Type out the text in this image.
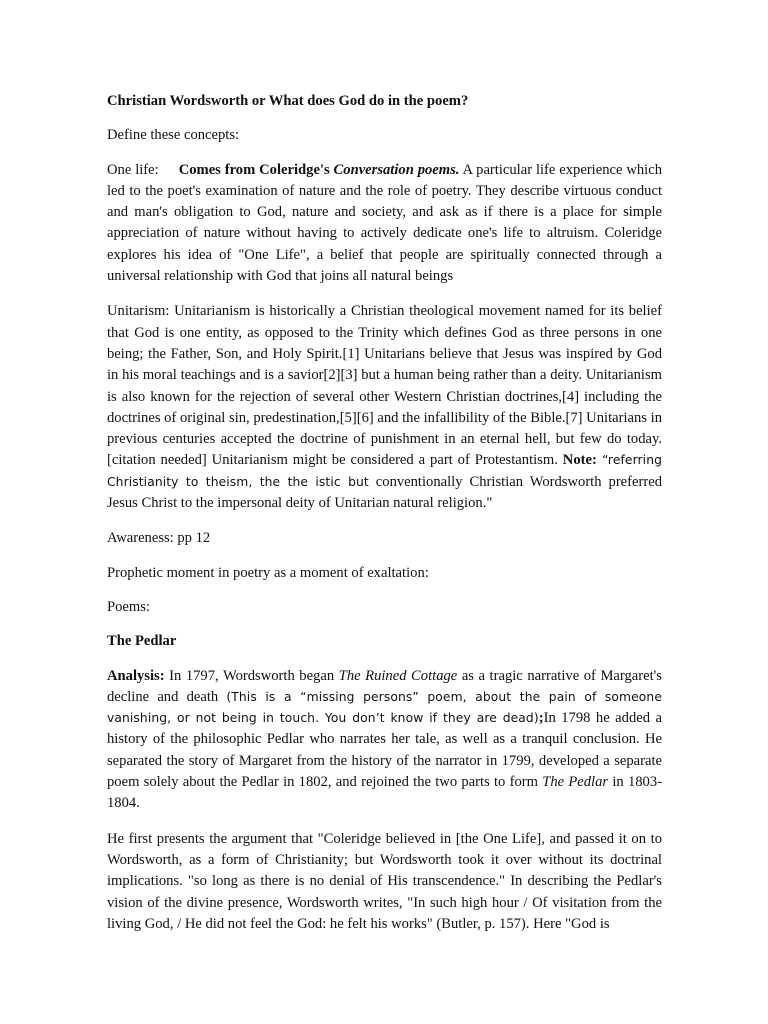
Christian Wordsworth or What does God do in the poem?

Define these concepts:

One life: Comes from Coleridge's Conversation poems. A particular life experience which led to the poet's examination of nature and the role of poetry. They describe virtuous conduct and man's obligation to God, nature and society, and ask as if there is a place for simple appreciation of nature without having to actively dedicate one's life to altruism. Coleridge explores his idea of "One Life", a belief that people are spiritually connected through a universal relationship with God that joins all natural beings

Unitarism: Unitarianism is historically a Christian theological movement named for its belief that God is one entity, as opposed to the Trinity which defines God as three persons in one being; the Father, Son, and Holy Spirit.[1] Unitarians believe that Jesus was inspired by God in his moral teachings and is a savior[2][3] but a human being rather than a deity. Unitarianism is also known for the rejection of several other Western Christian doctrines,[4] including the doctrines of original sin, predestination,[5][6] and the infallibility of the Bible.[7] Unitarians in previous centuries accepted the doctrine of punishment in an eternal hell, but few do today.[citation needed] Unitarianism might be considered a part of Protestantism. Note: “referring Christianity to theism, the the istic but conventionally Christian Wordsworth preferred Jesus Christ to the impersonal deity of Unitarian natural religion."

Awareness: pp 12

Prophetic moment in poetry as a moment of exaltation:

Poems:

The Pedlar

Analysis: In 1797, Wordsworth began The Ruined Cottage as a tragic narrative of Margaret's decline and death (This is a “missing persons” poem, about the pain of someone vanishing, or not being in touch. You don’t know if they are dead);In 1798 he added a history of the philosophic Pedlar who narrates her tale, as well as a tranquil conclusion. He separated the story of Margaret from the history of the narrator in 1799, developed a separate poem solely about the Pedlar in 1802, and rejoined the two parts to form The Pedlar in 1803-1804.

He first presents the argument that "Coleridge believed in [the One Life], and passed it on to Wordsworth, as a form of Christianity; but Wordsworth took it over without its doctrinal implications. "so long as there is no denial of His transcendence." In describing the Pedlar's vision of the divine presence, Wordsworth writes, "In such high hour / Of visitation from the living God, / He did not feel the God: he felt his works" (Butler, p. 157). Here "God is
